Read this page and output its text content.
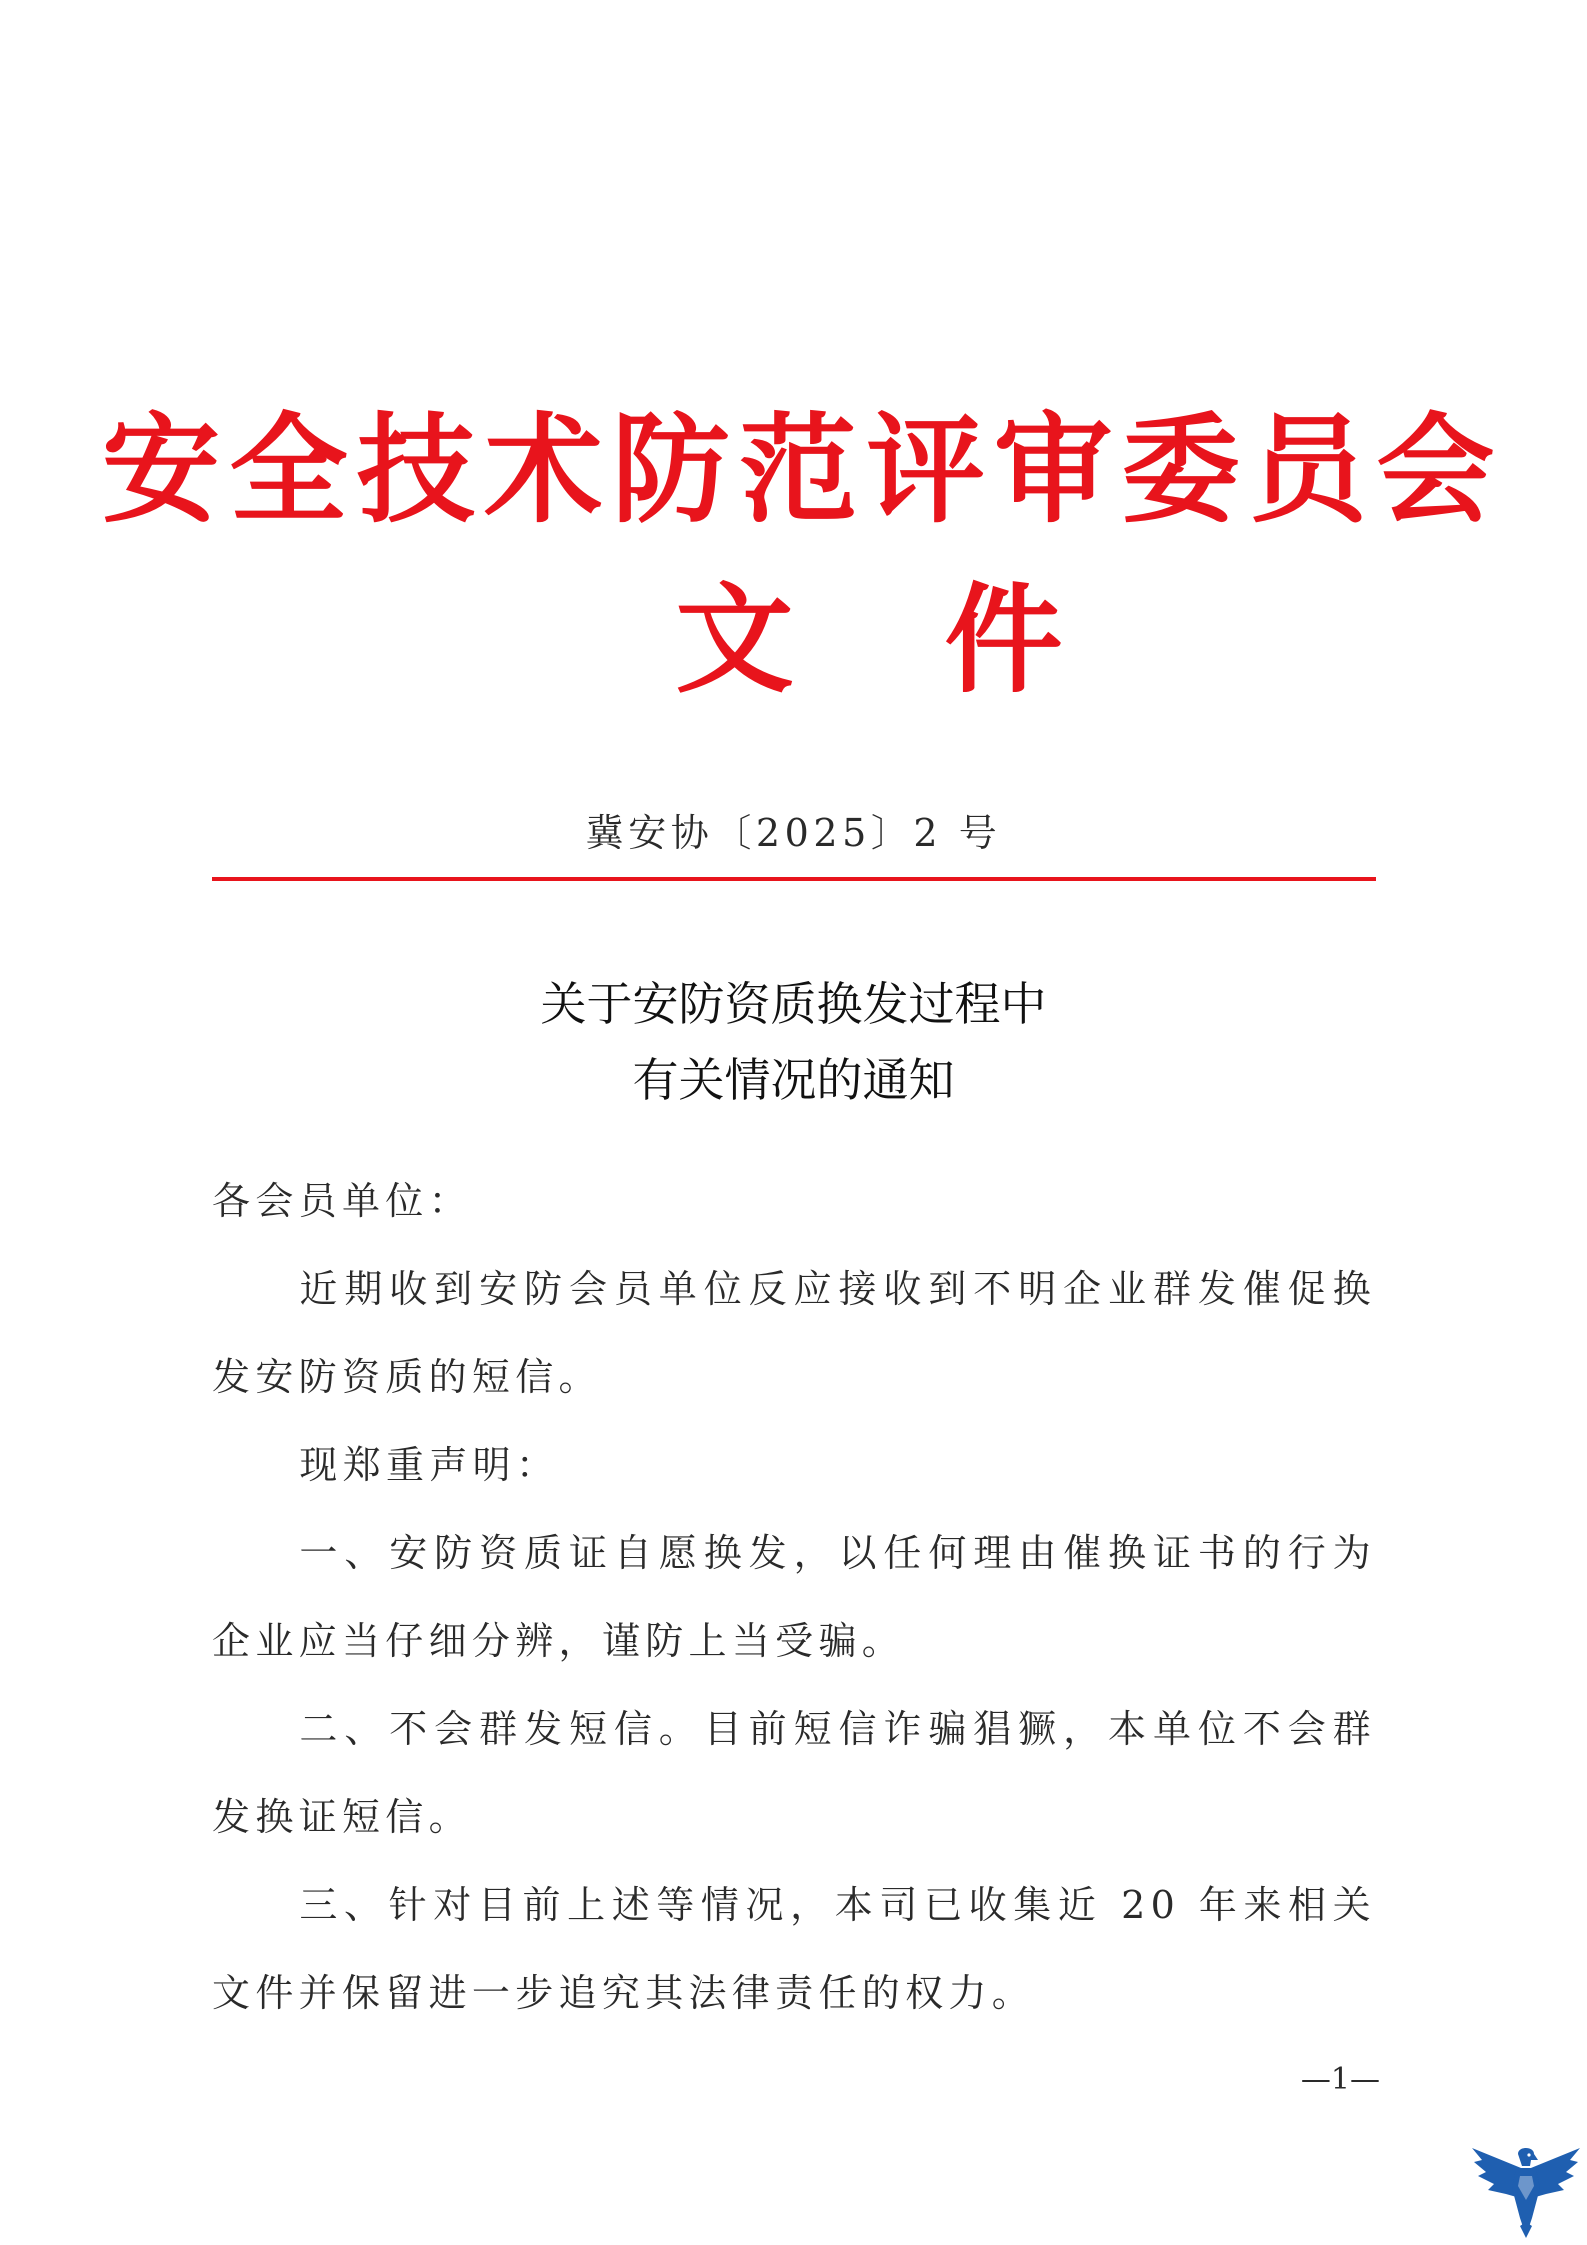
安全技术防范评审委员会
文件
冀安协〔2025〕2 号
关于安防资质换发过程中
有关情况的通知

各会员单位：

近期收到安防会员单位反应接收到不明企业群发催促换发安防资质的短信。

现郑重声明：

一、安防资质证自愿换发，以任何理由催换证书的行为企业应当仔细分辨，谨防上当受骗。

二、不会群发短信。目前短信诈骗猖獗，本单位不会群发换证短信。

三、针对目前上述等情况，本司已收集近 20 年来相关文件并保留进一步追究其法律责任的权力。

—1—
